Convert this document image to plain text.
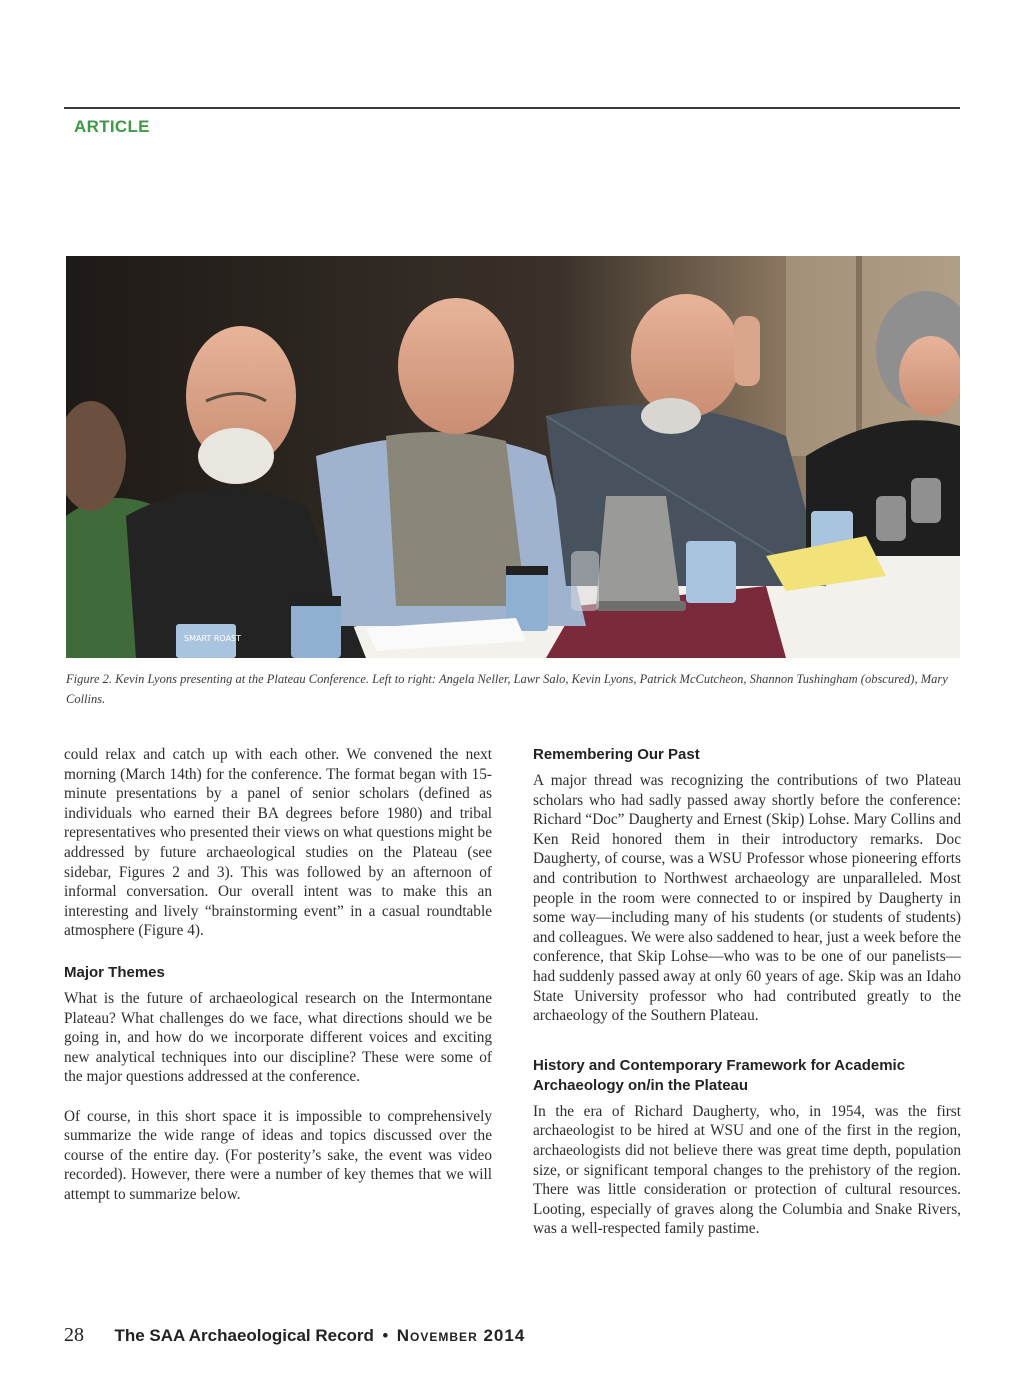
ARTICLE
SMART ROAST
Figure 2. Kevin Lyons presenting at the Plateau Conference. Left to right: Angela Neller, Lawr Salo, Kevin Lyons, Patrick McCutcheon, Shannon Tushingham (obscured), Mary Collins.

could relax and catch up with each other. We convened the next morning (March 14th) for the conference. The format began with 15-minute presentations by a panel of senior scholars (defined as individuals who earned their BA degrees before 1980) and tribal representatives who presented their views on what questions might be addressed by future archaeological studies on the Plateau (see sidebar, Figures 2 and 3). This was followed by an afternoon of informal conversation. Our overall intent was to make this an interesting and lively “brainstorming event” in a casual roundtable atmosphere (Figure 4).

Major Themes

What is the future of archaeological research on the Intermontane Plateau? What challenges do we face, what directions should we be going in, and how do we incorporate different voices and exciting new analytical techniques into our discipline? These were some of the major questions addressed at the conference.

Of course, in this short space it is impossible to comprehensively summarize the wide range of ideas and topics discussed over the course of the entire day. (For posterity’s sake, the event was video recorded). However, there were a number of key themes that we will attempt to summarize below.

Remembering Our Past

A major thread was recognizing the contributions of two Plateau scholars who had sadly passed away shortly before the conference: Richard “Doc” Daugherty and Ernest (Skip) Lohse. Mary Collins and Ken Reid honored them in their introductory remarks. Doc Daugherty, of course, was a WSU Professor whose pioneering efforts and contribution to Northwest archaeology are unparalleled. Most people in the room were connected to or inspired by Daugherty in some way—including many of his students (or students of students) and colleagues. We were also saddened to hear, just a week before the conference, that Skip Lohse—who was to be one of our panelists—had suddenly passed away at only 60 years of age. Skip was an Idaho State University professor who had contributed greatly to the archaeology of the Southern Plateau.

History and Contemporary Framework for Academic Archaeology on/in the Plateau

In the era of Richard Daugherty, who, in 1954, was the first archaeologist to be hired at WSU and one of the first in the region, archaeologists did not believe there was great time depth, population size, or significant temporal changes to the prehistory of the region. There was little consideration or protection of cultural resources. Looting, especially of graves along the Columbia and Snake Rivers, was a well-respected family pastime.

28 The SAA Archaeological Record • November 2014
